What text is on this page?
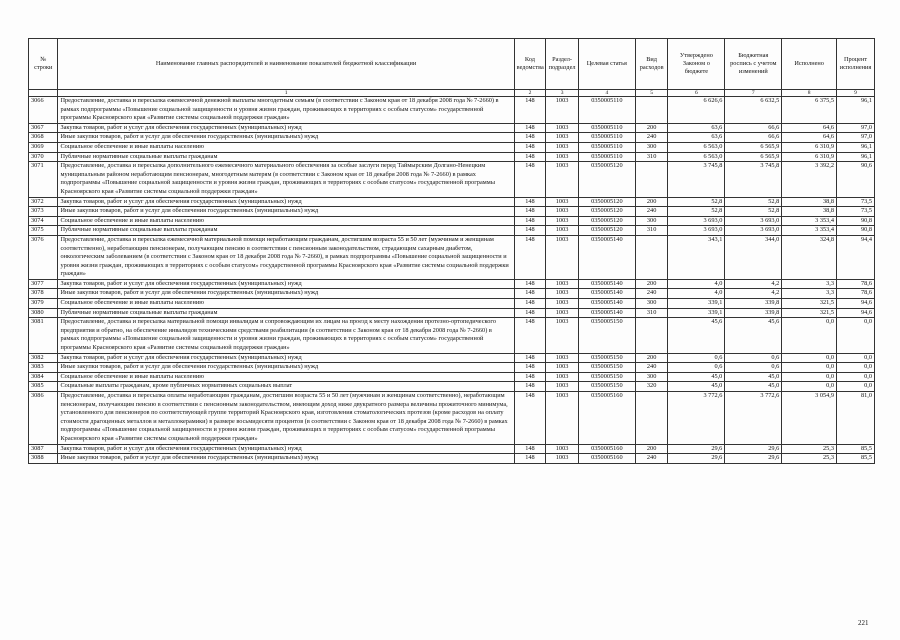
№ строки	Наименование главных распорядителей и наименование показателей бюджетной классификации	Код ведомства	Раздел-подраздел	Целевая статья	Вид расходов	Утверждено Законом о бюджете	Бюджетная роспись с учетом изменений	Исполнено	Процент исполнения
	1	2	3	4	5	6	7	8	9
3066	Предоставление, доставка и пересылка ежемесячной денежной выплаты многодетным семьям (в соответствии с Законом края от 18 декабря 2008 года № 7-2660) в рамках подпрограммы «Повышение социальной защищенности и уровня жизни граждан, проживающих в территориях с особым статусом» государственной программы Красноярского края «Развитие системы социальной поддержки граждан»	148	1003	0350005110		6 626,6	6 632,5	6 375,5	96,1
3067	Закупка товаров, работ и услуг для обеспечения государственных (муниципальных) нужд	148	1003	0350005110	200	63,6	66,6	64,6	97,0
3068	Иные закупки товаров, работ и услуг для обеспечения государственных (муниципальных) нужд	148	1003	0350005110	240	63,6	66,6	64,6	97,0
3069	Социальное обеспечение и иные выплаты населению	148	1003	0350005110	300	6 563,0	6 565,9	6 310,9	96,1
3070	Публичные нормативные социальные выплаты гражданам	148	1003	0350005110	310	6 563,0	6 565,9	6 310,9	96,1
3071	Предоставление, доставка и пересылка дополнительного ежемесячного материального обеспечения за особые заслуги перед Таймырским Долгано-Ненецким муниципальным районом неработающим пенсионерам, многодетным матерям (в соответствии с Законом края от 18 декабря 2008 года № 7-2660) в рамках подпрограммы «Повышение социальной защищенности и уровня жизни граждан, проживающих в территориях с особым статусом» государственной программы Красноярского края «Развитие системы социальной поддержки граждан»	148	1003	0350005120		3 745,8	3 745,8	3 392,2	90,6
3072	Закупка товаров, работ и услуг для обеспечения государственных (муниципальных) нужд	148	1003	0350005120	200	52,8	52,8	38,8	73,5
3073	Иные закупки товаров, работ и услуг для обеспечения государственных (муниципальных) нужд	148	1003	0350005120	240	52,8	52,8	38,8	73,5
3074	Социальное обеспечение и иные выплаты населению	148	1003	0350005120	300	3 693,0	3 693,0	3 353,4	90,8
3075	Публичные нормативные социальные выплаты гражданам	148	1003	0350005120	310	3 693,0	3 693,0	3 353,4	90,8
3076	Предоставление, доставка и пересылка ежемесячной материальной помощи неработающим гражданам, достигшим возраста 55 и 50 лет (мужчинам и женщинам соответственно), неработающим пенсионерам, получающим пенсию в соответствии с пенсионным законодательством, страдающим сахарным диабетом, онкологическим заболеванием (в соответствии с Законом края от 18 декабря 2008 года № 7-2660), в рамках подпрограммы «Повышение социальной защищенности и уровня жизни граждан, проживающих в территориях с особым статусом» государственной программы Красноярского края «Развитие системы социальной поддержки граждан»	148	1003	0350005140		343,1	344,0	324,8	94,4
3077	Закупка товаров, работ и услуг для обеспечения государственных (муниципальных) нужд	148	1003	0350005140	200	4,0	4,2	3,3	78,6
3078	Иные закупки товаров, работ и услуг для обеспечения государственных (муниципальных) нужд	148	1003	0350005140	240	4,0	4,2	3,3	78,6
3079	Социальное обеспечение и иные выплаты населению	148	1003	0350005140	300	339,1	339,8	321,5	94,6
3080	Публичные нормативные социальные выплаты гражданам	148	1003	0350005140	310	339,1	339,8	321,5	94,6
3081	Предоставление, доставка и пересылка материальной помощи инвалидам и сопровождающим их лицам на проезд к месту нахождения протезно-ортопедического предприятия и обратно, на обеспечение инвалидов техническими средствами реабилитации (в соответствии с Законом края от 18 декабря 2008 года № 7-2660) в рамках подпрограммы «Повышение социальной защищенности и уровня жизни граждан, проживающих в территориях с особым статусом» государственной программы Красноярского края «Развитие системы социальной поддержки граждан»	148	1003	0350005150		45,6	45,6	0,0	0,0
3082	Закупка товаров, работ и услуг для обеспечения государственных (муниципальных) нужд	148	1003	0350005150	200	0,6	0,6	0,0	0,0
3083	Иные закупки товаров, работ и услуг для обеспечения государственных (муниципальных) нужд	148	1003	0350005150	240	0,6	0,6	0,0	0,0
3084	Социальное обеспечение и иные выплаты населению	148	1003	0350005150	300	45,0	45,0	0,0	0,0
3085	Социальные выплаты гражданам, кроме публичных нормативных социальных выплат	148	1003	0350005150	320	45,0	45,0	0,0	0,0
3086	Предоставление, доставка и пересылка оплаты неработающим гражданам, достигшим возраста 55 и 50 лет (мужчинам и женщинам соответственно), неработающим пенсионерам, получающим пенсию в соответствии с пенсионным законодательством, имеющим доход ниже двукратного размера величины прожиточного минимума, установленного для пенсионеров по соответствующей группе территорий Красноярского края, изготовления стоматологических протезов (кроме расходов на оплату стоимости драгоценных металлов и металлокерамики) в размере восьмидесяти процентов (в соответствии с Законом края от 18 декабря 2008 года № 7-2660) в рамках подпрограммы «Повышение социальной защищенности и уровня жизни граждан, проживающих в территориях с особым статусом» государственной программы Красноярского края «Развитие системы социальной поддержки граждан»	148	1003	0350005160		3 772,6	3 772,6	3 054,9	81,0
3087	Закупка товаров, работ и услуг для обеспечения государственных (муниципальных) нужд	148	1003	0350005160	200	29,6	29,6	25,3	85,5
3088	Иные закупки товаров, работ и услуг для обеспечения государственных (муниципальных) нужд	148	1003	0350005160	240	29,6	29,6	25,3	85,5
221
